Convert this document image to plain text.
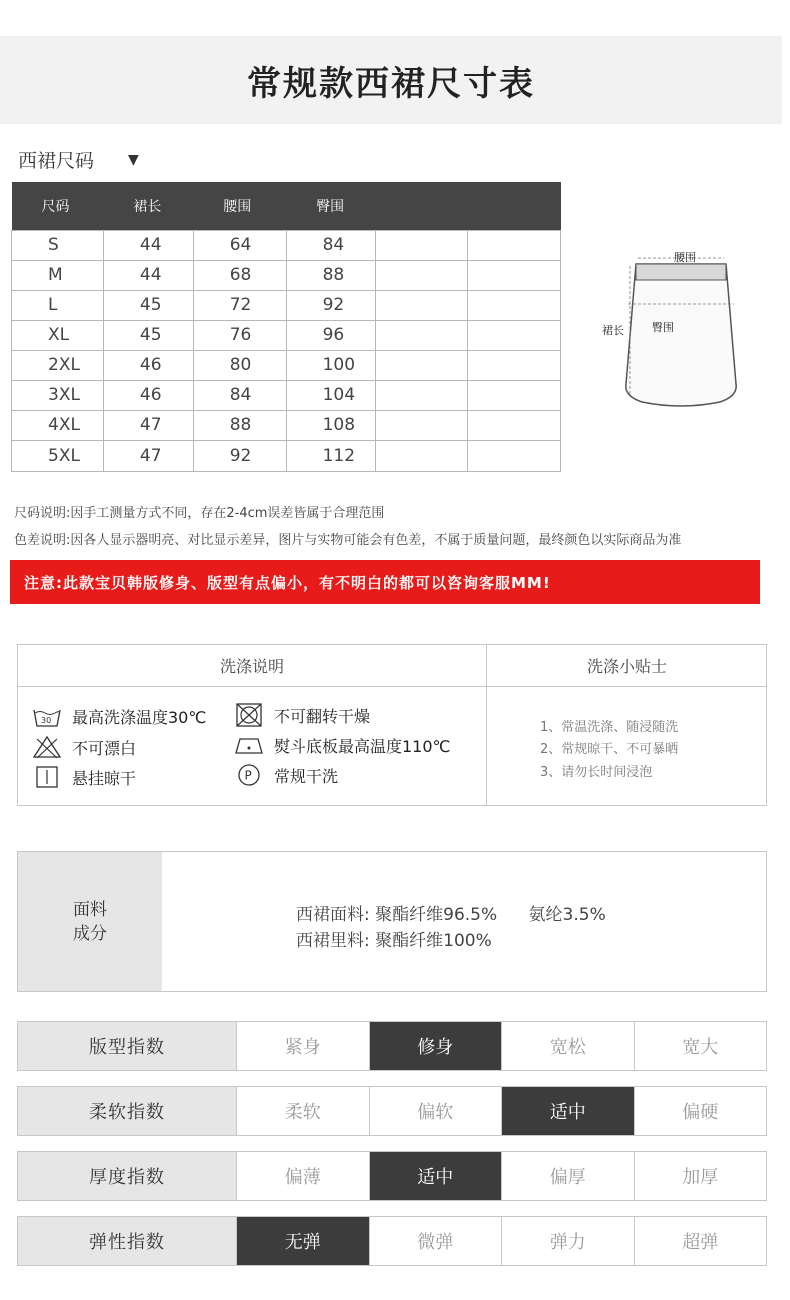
常规款西裙尺寸表
西裙尺码 ▼
尺码	裙长	腰围	臀围		
S	44	64	84		
M	44	68	88		
L	45	72	92		
XL	45	76	96		
2XL	46	80	100		
3XL	46	84	104		
4XL	47	88	108		
5XL	47	92	112		
腰围
裙长	臀围
尺码说明:因手工测量方式不同，存在2-4cm误差皆属于合理范围
色差说明:因各人显示器明亮、对比显示差异，图片与实物可能会有色差，不属于质量问题，最终颜色以实际商品为准
注意:此款宝贝韩版修身、版型有点偏小，有不明白的都可以咨询客服MM!
洗涤说明	洗涤小贴士
30 最高洗涤温度30℃
不可漂白
悬挂晾干
不可翻转干燥
熨斗底板最高温度110℃
P 常规干洗
1、常温洗涤、随浸随洗
2、常规晾干、不可暴晒
3、请勿长时间浸泡
面料
成分
西裙面料: 聚酯纤维96.5% 氨纶3.5%
西裙里料: 聚酯纤维100%
版型指数	紧身	修身	宽松	宽大
柔软指数	柔软	偏软	适中	偏硬
厚度指数	偏薄	适中	偏厚	加厚
弹性指数	无弹	微弹	弹力	超弹
